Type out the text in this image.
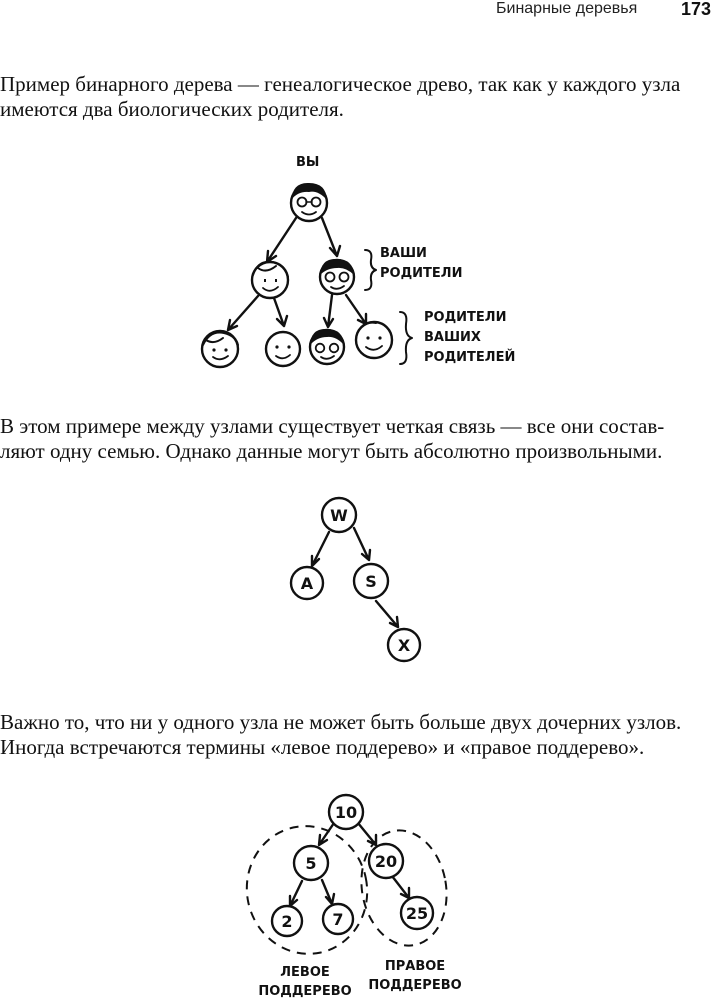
Бинарные деревья 173

Пример бинарного дерева — генеалогическое древо, так как у каждого узла
имеются два биологических родителя.

ВЫ
ВАШИ
РОДИТЕЛИ
РОДИТЕЛИ
ВАШИХ
РОДИТЕЛЕЙ

В этом примере между узлами существует четкая связь — все они состав-
ляют одну семью. Однако данные могут быть абсолютно произвольными.

W
A	S
X

Важно то, что ни у одного узла не может быть больше двух дочерних узлов.
Иногда встречаются термины «левое поддерево» и «правое поддерево».

10
5	20
2 7	25
ЛЕВОЕ
ПОДДЕРЕВО
ПРАВОЕ
ПОДДЕРЕВО
